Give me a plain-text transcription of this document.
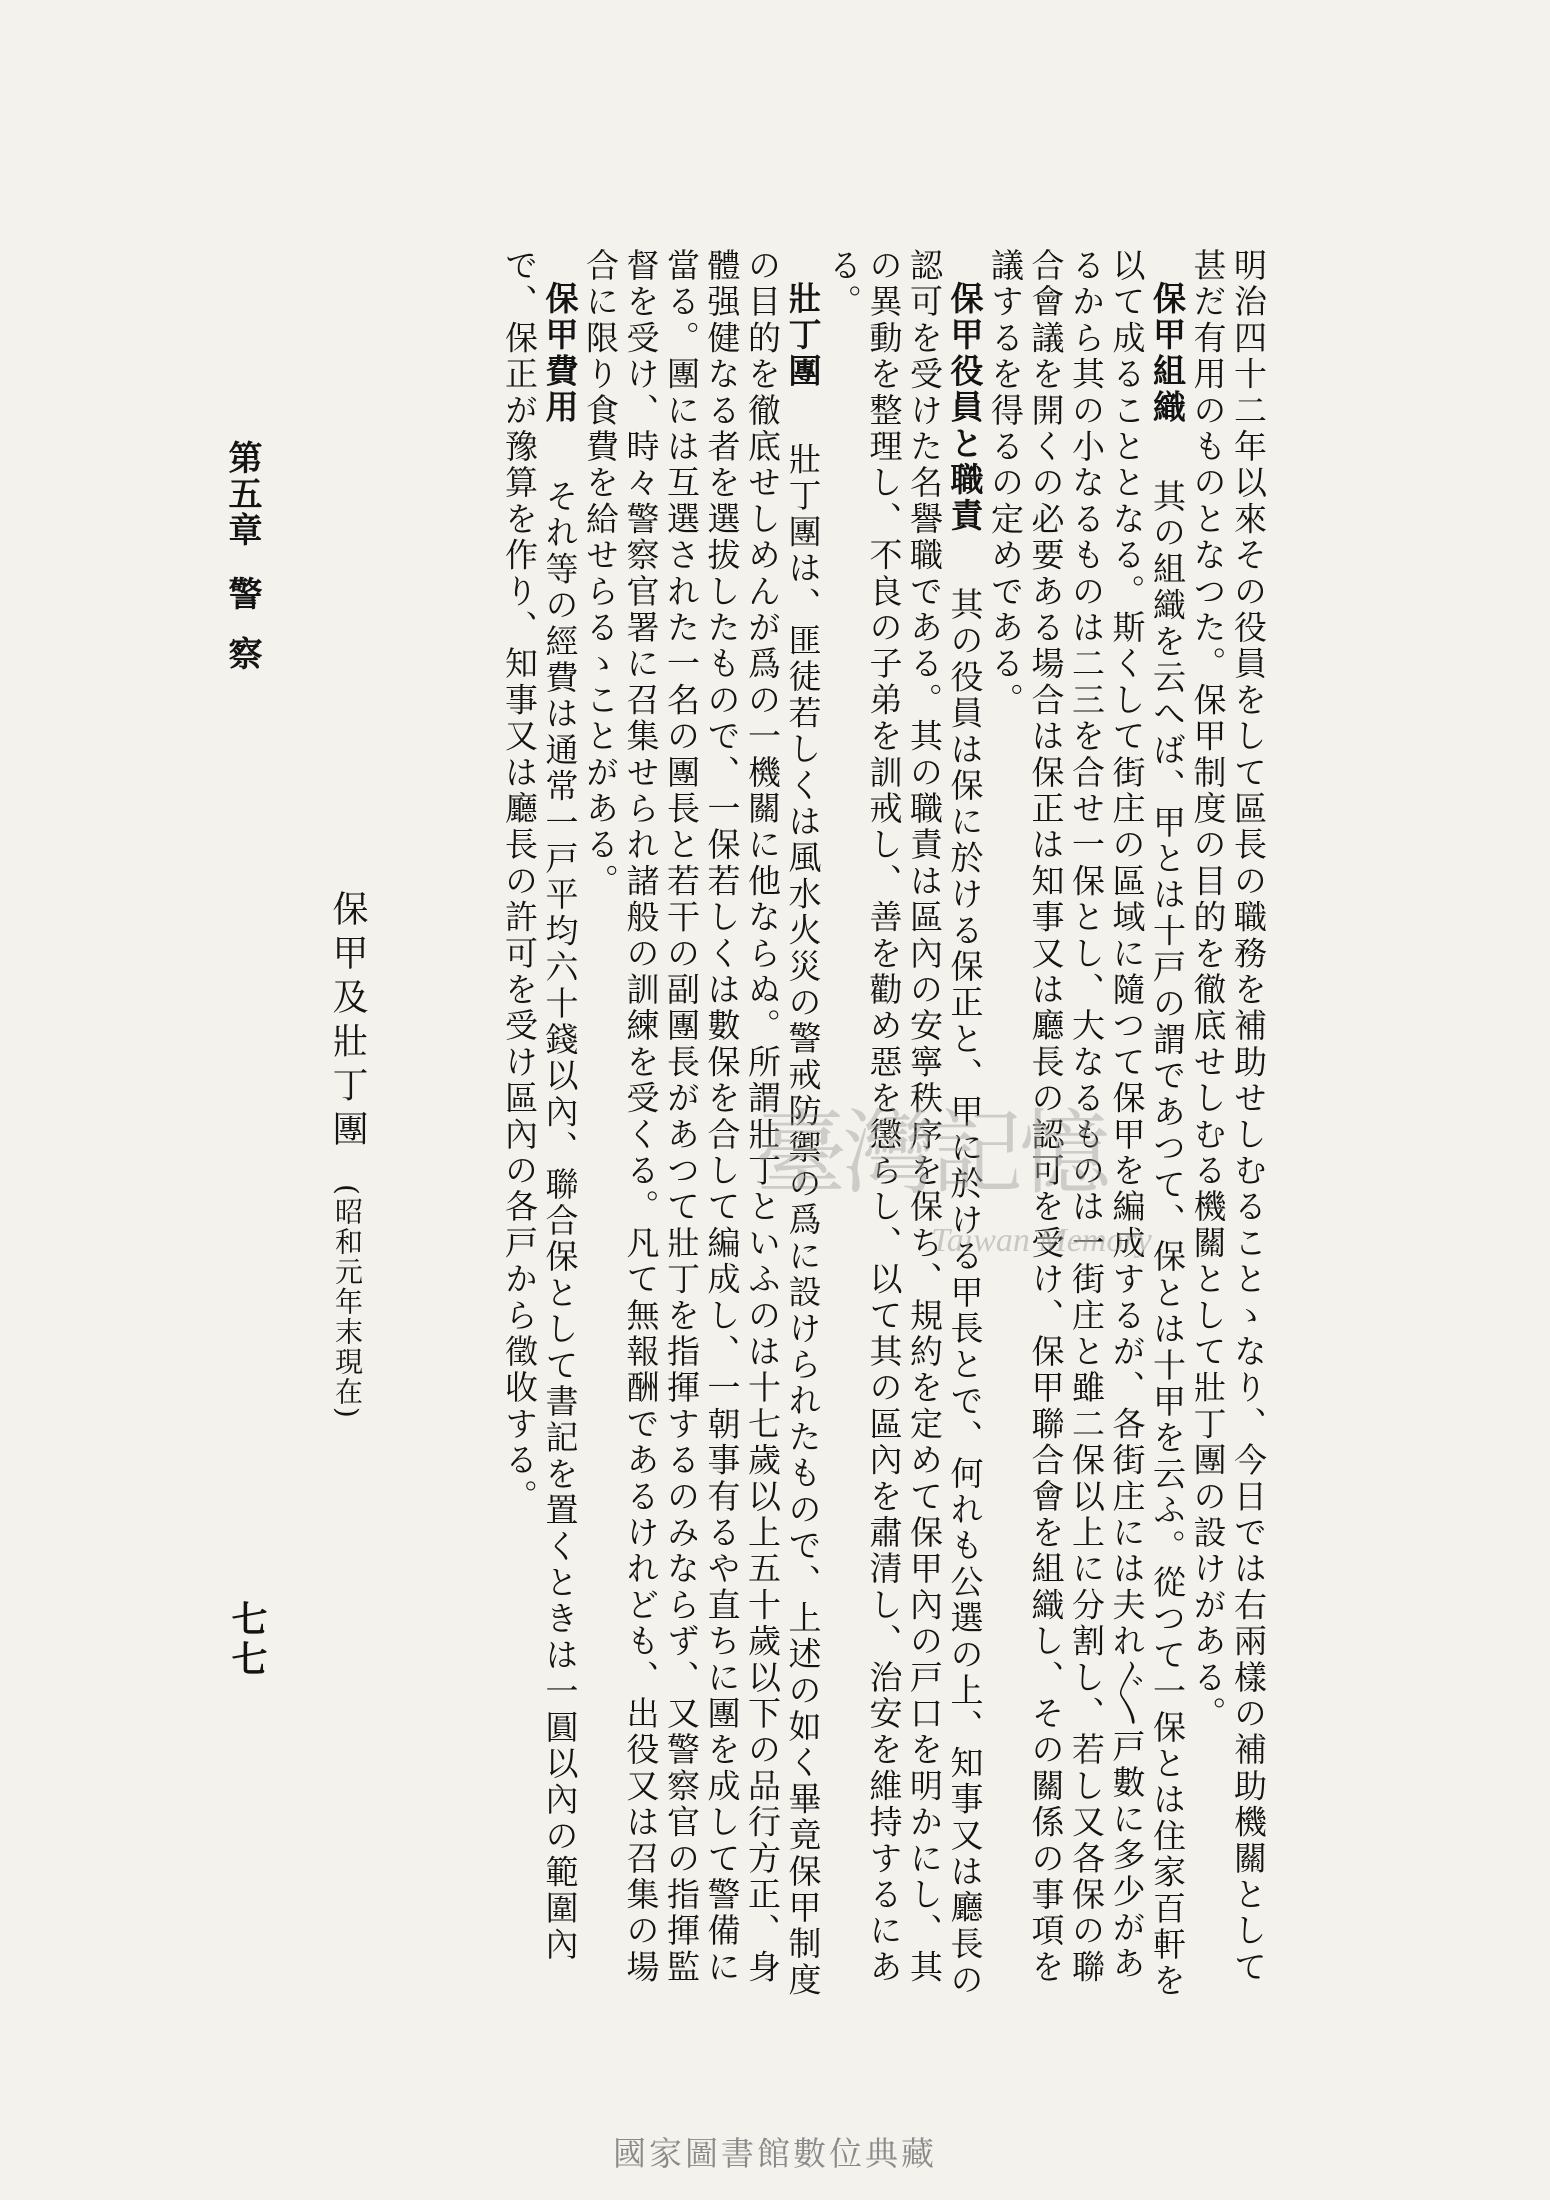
明治四十二年以來その役員をして區長の職務を補助せしむることゝなり、今日では右兩樣の補助機關として甚だ有用のものとなつた。保甲制度の目的を徹底せしむる機關として壯丁團の設けがある。

保甲組織　其の組織を云へば、甲とは十戸の謂であつて、保とは十甲を云ふ。從つて一保とは住家百軒を以て成ることとなる。斯くして街庄の區域に隨つて保甲を編成するが、各街庄には夫れ〴〵戸數に多少があるから其の小なるものは二三を合せ一保とし、大なるものは一街庄と雖二保以上に分割し、若し又各保の聯合會議を開くの必要ある場合は保正は知事又は廳長の認可を受け、保甲聯合會を組織し、その關係の事項を議するを得るの定めである。

保甲役員と職責　其の役員は保に於ける保正と、甲に於ける甲長とで、何れも公選の上、知事又は廳長の認可を受けた名譽職である。其の職責は區內の安寧秩序を保ち、規約を定めて保甲內の戸口を明かにし、其の異動を整理し、不良の子弟を訓戒し、善を勸め惡を懲らし、以て其の區內を肅清し、治安を維持するにある。

壯丁團　壯丁團は、匪徒若しくは風水火災の警戒防禦の爲に設けられたもので、上述の如く畢竟保甲制度の目的を徹底せしめんが爲の一機關に他ならぬ。所謂壯丁といふのは十七歲以上五十歲以下の品行方正、身體强健なる者を選拔したもので、一保若しくは數保を合して編成し、一朝事有るや直ちに團を成して警備に當る。團には互選された一名の團長と若干の副團長があつて壯丁を指揮するのみならず、又警察官の指揮監督を受け、時々警察官署に召集せられ諸般の訓練を受くる。凡て無報酬であるけれども、出役又は召集の場合に限り食費を給せらるゝことがある。

保甲費用　それ等の經費は通常一戸平均六十錢以內、聯合保として書記を置くときは一圓以內の範圍內で、保正が豫算を作り、知事又は廳長の許可を受け區內の各戸から徵收する。

保甲及壯丁團(昭和元年末現在)
第五章警察
七七
臺灣記憶
Taiwan Memory
國家圖書館數位典藏
